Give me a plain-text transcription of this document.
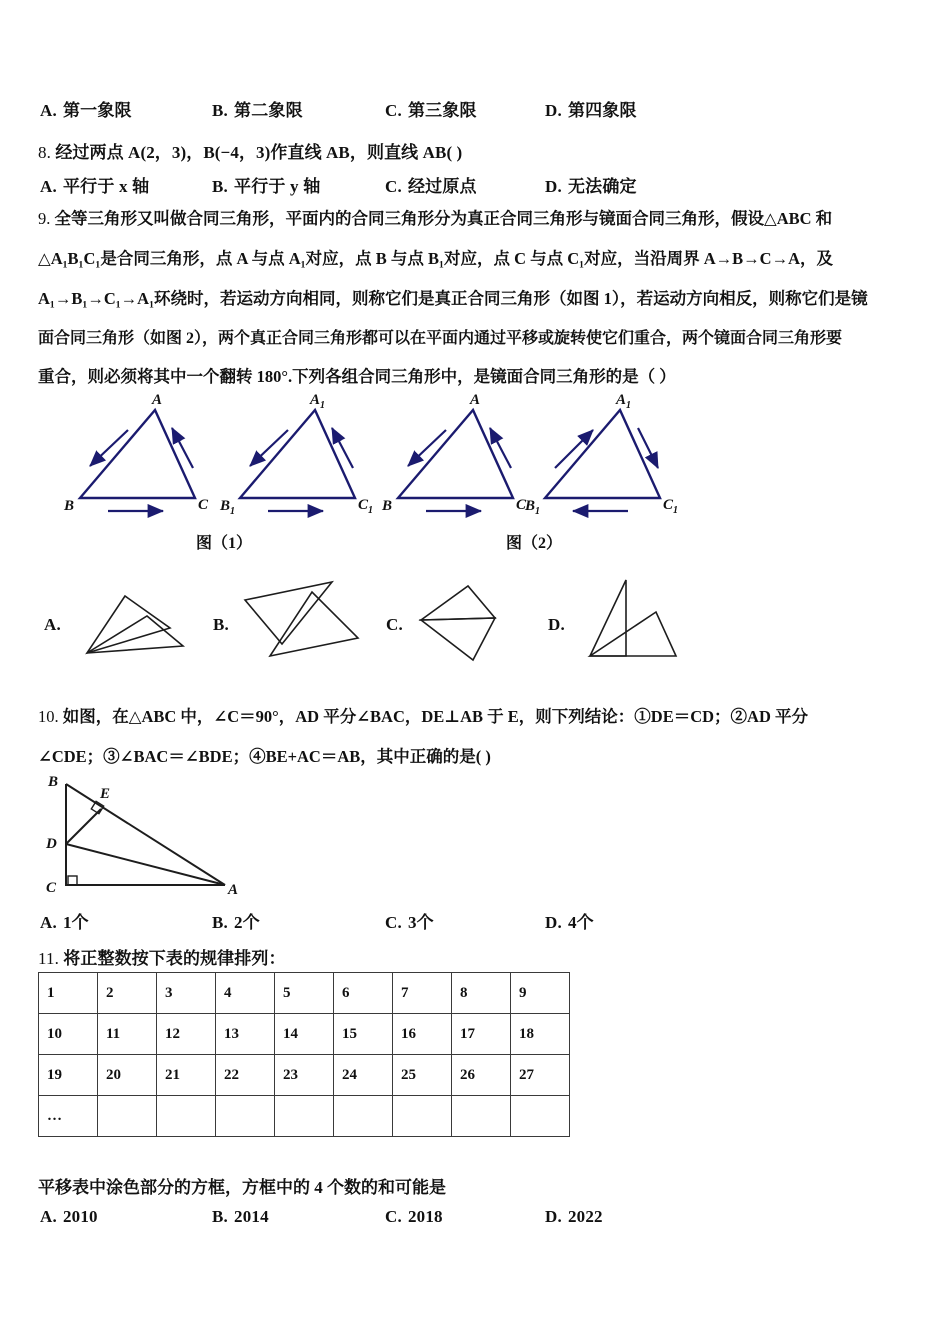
A. 第一象限	B. 第二象限	C. 第三象限	D. 第四象限
8. 经过两点 A(2，3)，B(−4，3)作直线 AB，则直线 AB( )
A. 平行于 x 轴	B. 平行于 y 轴	C. 经过原点	D. 无法确定
9. 全等三角形又叫做合同三角形，平面内的合同三角形分为真正合同三角形与镜面合同三角形，假设△ABC 和
△A₁B₁C₁是合同三角形，点 A 与点 A₁对应，点 B 与点 B₁对应，点 C 与点 C₁对应，当沿周界 A→B→C→A，及
A₁→B₁→C₁→A₁环绕时，若运动方向相同，则称它们是真正合同三角形（如图 1），若运动方向相反，则称它们是镜
面合同三角形（如图 2），两个真正合同三角形都可以在平面内通过平移或旋转使它们重合，两个镜面合同三角形要
重合，则必须将其中一个翻转 180°.下列各组合同三角形中，是镜面合同三角形的是（ ）
A
B	C
$A_1$
$B_1$	$C_1$
A
B	C
$A_1$
$B_1$	$C_1$
图（1）	图（2）
A.	B.	C.	D.
10. 如图，在△ABC 中，∠C＝90°，AD 平分∠BAC，DE⊥AB 于 E，则下列结论：①DE＝CD；②AD 平分
∠CDE；③∠BAC＝∠BDE；④BE+AC＝AB，其中正确的是( )
B
E
D
C	A
A. 1个	B. 2个	C. 3个	D. 4个
11. 将正整数按下表的规律排列：
1	2	3	4	5	6	7	8	9
10	11	12	13	14	15	16	17	18
19	20	21	22	23	24	25	26	27
…								
平移表中涂色部分的方框，方框中的 4 个数的和可能是
A. 2010	B. 2014	C. 2018	D. 2022
